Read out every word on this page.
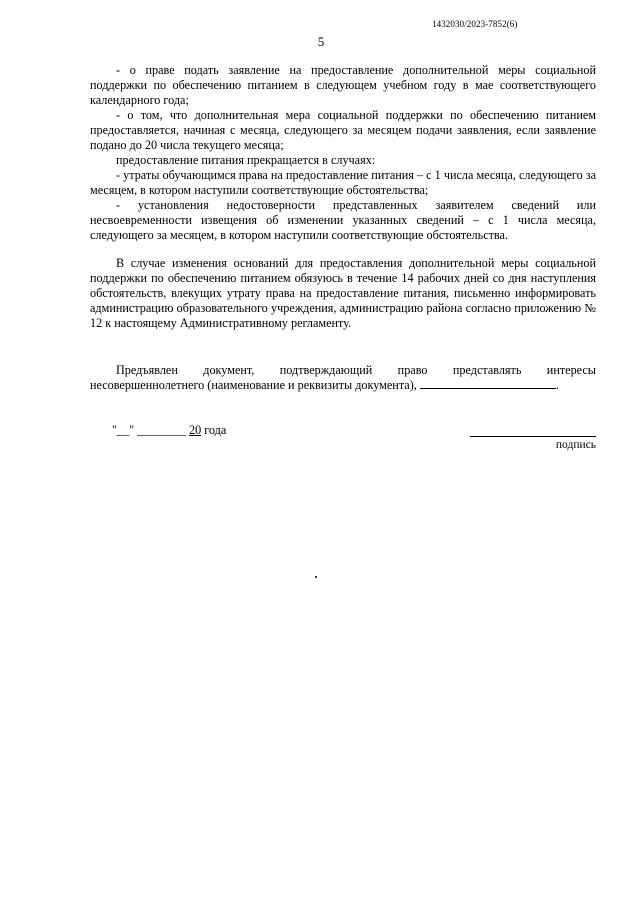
1432030/2023-7852(6)
5

- о праве подать заявление на предоставление дополнительной меры социальной поддержки по обеспечению питанием в следующем учебном году в мае соответствующего календарного года;

- о том, что дополнительная мера социальной поддержки по обеспечению питанием предоставляется, начиная с месяца, следующего за месяцем подачи заявления, если заявление подано до 20 числа текущего месяца;

предоставление питания прекращается в случаях:

- утраты обучающимся права на предоставление питания – с 1 числа месяца, следующего за месяцем, в котором наступили соответствующие обстоятельства;

- установления недостоверности представленных заявителем сведений или несвоевременности извещения об изменении указанных сведений – с 1 числа месяца, следующего за месяцем, в котором наступили соответствующие обстоятельства.

В случае изменения оснований для предоставления дополнительной меры социальной поддержки по обеспечению питанием обязуюсь в течение 14 рабочих дней со дня наступления обстоятельств, влекущих утрату права на предоставление питания, письменно информировать администрацию образовательного учреждения, администрацию района согласно приложению № 12 к настоящему Административному регламенту.

Предъявлен документ, подтверждающий право представлять интересы несовершеннолетнего (наименование и реквизиты документа),	.

"__" ________ 20 года
подпись
